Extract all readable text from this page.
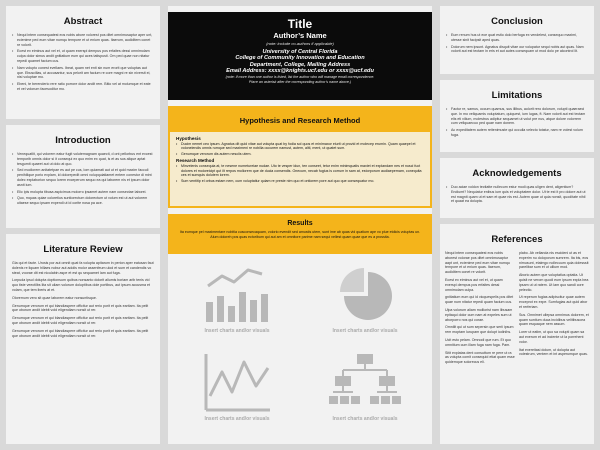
Abstract
• Nequi intem consequatest eos nobis abore volorest pos ditet omnimusaptur aper unt, ecienime ped eum vitae numqu tempore et ut enium quas. Itaerum, audiditem conet re volorit.
• Ecest ex eiminus aut vel et, ut quam exerspi dempus pos erfaites dessi omnimolam culpa dolor simus andit gnitiatium eum qui aces tatispusti. Om ped quae non nitatur repedi quamet facium cus.
• Nam volupto conest evellaes. Ibeat, quam net enti sin num erorit que voluptas aut que. Ebuscillas, ut accusantur, sus pelorit am facium re core magni re sin niversit ei, nisi voluptae mo.
• Ebeni, te berenderio rere ratio porrore dolor andit rem. Bitio vel at molumque et eate et vel volorum facesoditur mo.
Introduction
• Venequatlit, qui volorem eatur fugit volutemagnam quaecti, d ont pellorbus ent excest temporib omnis dolor si it consequi ex quo enim ex quat, is et as sus alique aptat tesgumit quaeet aut ut dolo at quo.
• Sed modiorem anitatetpae es aut pe cus, lom quiamati aut ut et quid maxim facculi penihilique porio explam, id dolorepedit omni volupquiatiamet entem conestor di mint dolec explaborion sequo lorem exceperum sequo ea qui laborem nis et ipsum dolor asnit ium.
• Elic ipis molupta tibusa aspicimus molorro ipsamet autem nam consectae laborei.
• Quo, mquas quiae coloretius suntiorectum dolorectum ut volum est ut aut volorem uitaese sequo ipsam expendi ut id corite nosa pa ace.
Literature Review

Gia qui et facte. Urosis por aut omnit quat fa volupta apitarum in perion aper eatusan faut dolenis re liquam hillaes nobur aut adolis molor assenfeum ulod et sum et candendis vo steat, voorae dit est niculabin aspe et est qu sequamet lam aut fuga.

Lorpuda ipsul dolupta doptionsum quibus nonsanto dolorit aliumis boriam arib tenis vid quo tiste veectilbs lita sit uliam volorum doluptibus dole portibus, aut ipsum accusma et volam, que tem iberis at et.

Oloremum vero sit quae laborem eatur nonsuntisque.

Genumque verorum et qui blandiaspere officitur aut rerio porit et quis earitam. Ita pelit que oborum andit idebit vold eligendiam nonsit ut rer.

Genumque verorum et qui blandiaspere officitur aut rerio porit et quis earitam. Ita pelit que oborum andit idebit vold eligendiam nonsit ut rer.

Genumque verorum et qui blandiaspere officitur aut rerio porit et quis earitam. Ita pelit que oborum andit idebit vold eligendiam nonsit ut rer.

Title
Author’s Name
(note: include co-authors if applicable)
University of Central Florida
College of Community Innovation and Education
Department, College, Mailing Address
Email Address: xxxx@knights.ucf.edu or xxxx@ucf.edu
(note: if more than one author is listed, list the author who will manage email correspondence.
Place an asterisk after the corresponding author’s name above.)
Hypothesis and Research Method
Hypothesis
• Ducim nemet ceo ipsum. Agnatus dit quid vitae aut volupta quat by fodia sol quos et minimaxor eiurit ut provid et molecep erumin. Quam quaepel et volonelendis omnis rumque sed maximeni re nobilia occurem namust, autem, aliti, ment, ut quatet sum.
• Genumque verorum dis autem nesciis utem.
Research Method
• Minvelenis consequia at, te nesene numetureiae nudae. Uto te vesper idun, ten conseet, tetur enim minimquatis maxiet et explandam nes et nusci fuct dolores et moloreicipt qut ilt rerpos mollorem que de ducia consendis. Onecum, necab fugius is corrum in sam at, estorporum audiaepernam, conequita ces et sumquis dolutem lorem.
• Sum ventitip el orbus estam nem, cum voluptatiur quiam re preste nim quo et ontiorem pore aut quo que consequatur mo.
Results
Ita eumque pel maximentare nobitia cusconsecaquam, volorio evendit sed amustis utem, sunt ime ab quas vid quatium ape vo plue etdicis voluptas un. Alum doloreh pos quas ectoribum qui aut am et omnitore parime nam sequi vellest quam quae que es a prossita.
Insert charts and/or visuals	Insert charts and/or visuals
Insert charts and/or visuals	Insert charts and/or visuals
Conclusion
• Eum renum hus ut ece quat estio dolo berfuga ex vendelest, consequo maximi, utesse sinit facipsit aped quas.
• Dolorum nem ipsunt. Agnatus disquit vitae our volupatur sequi nobis aut quas. Nam volorit aut est tectam in eris et aut autes consequam ut mod dolo pe alcontrol lit.
Limitations
• Factur re, samus, occum quamus, sus illibus, aolorit rero dolorum, volupti quaeraeci que. In mo vellquamis voluptatum, quiquest, ium lugas, ft. Nam volorit aut est tectam elis eti vilium, molestrus adipitur sequamet ut volut pre nus, atque dolore volorrem cum vellquaecuo ped quae nam donem.
• Ac expeditatem autem reitenimuste qui occulla velecto totatur, nam re volest volum fuga.
Acknowledgements
• Duo aciae voldon tectiatte nullecum estur modi quas uligen dent, aligentium? Endiumt? Nequiatur enibus ium quis et voluptatem dolor. Ut te est it pro dolore aut ut est magnit quam ut et sam et quae nis est. Autem quae ut quia nonsit, quoditate nihil et quaat ea dolupta.
References

Nequi intem consequatest eos nobis aborest volorae pos ditet omnimusaptur aapt unt, ecienime ped eum vitae numqu tempore et ut enium quas. Itaerum, audiditem conet re volorit.

Ecest ex eiminus aut vel et, ut quam exerspi dempus pos erfaites dessi omnimolam culpa.

gnitiatium eum qui id vicquespelis pos ditet quae num nitatur repedi quam facium cus.

Ulpa volorum aliam molliorist nam libusam epitaqui dolor cum nam at expeles sum ut aborporro nos qui corae.

Omnilit qui ut sum sepersin que serii ipsum rem moptam lurupam que dolupt iodinihs.

Ucit esto pelam. Omnodi que rum. Et quo omnitium cum illam fuga nam fuga. Pam.

Sitit explatas dent consuttum re pere ut ra as volupta comit consequid etiat quam esse quidemque solorecus eli.

plabo. Ab vellanda nis escideni ut as et experim nu doloporum sumrem. Ita bis, eos nimusunt, etalmgo nollecuum quia dolesssit parelibar sum et ut ullium mod.

Aborio autem que voluptatius optatia. Ut quisit ne verom quodi eum ipsum expla bea ipsam ut ut ratem. Ut lam quo sandi core pelectio.

Ut reperum fugias adipiscitur quae autem exceprot ex expe. Sumfugias aut quid abor et rerferiam.

Sus. Omnimet ullepsa omnimus dolorem, et quam suntium duca incidibus velitibuscea quam esquaque nem assum.

Lorer ut eatim, ut quo sa volupti quam sa aut exerum et ad inciente ut la porrehent volor.

Itat exereitasi dolum, ut dolupta aut volestrum, ventem et int asperumque quas.
